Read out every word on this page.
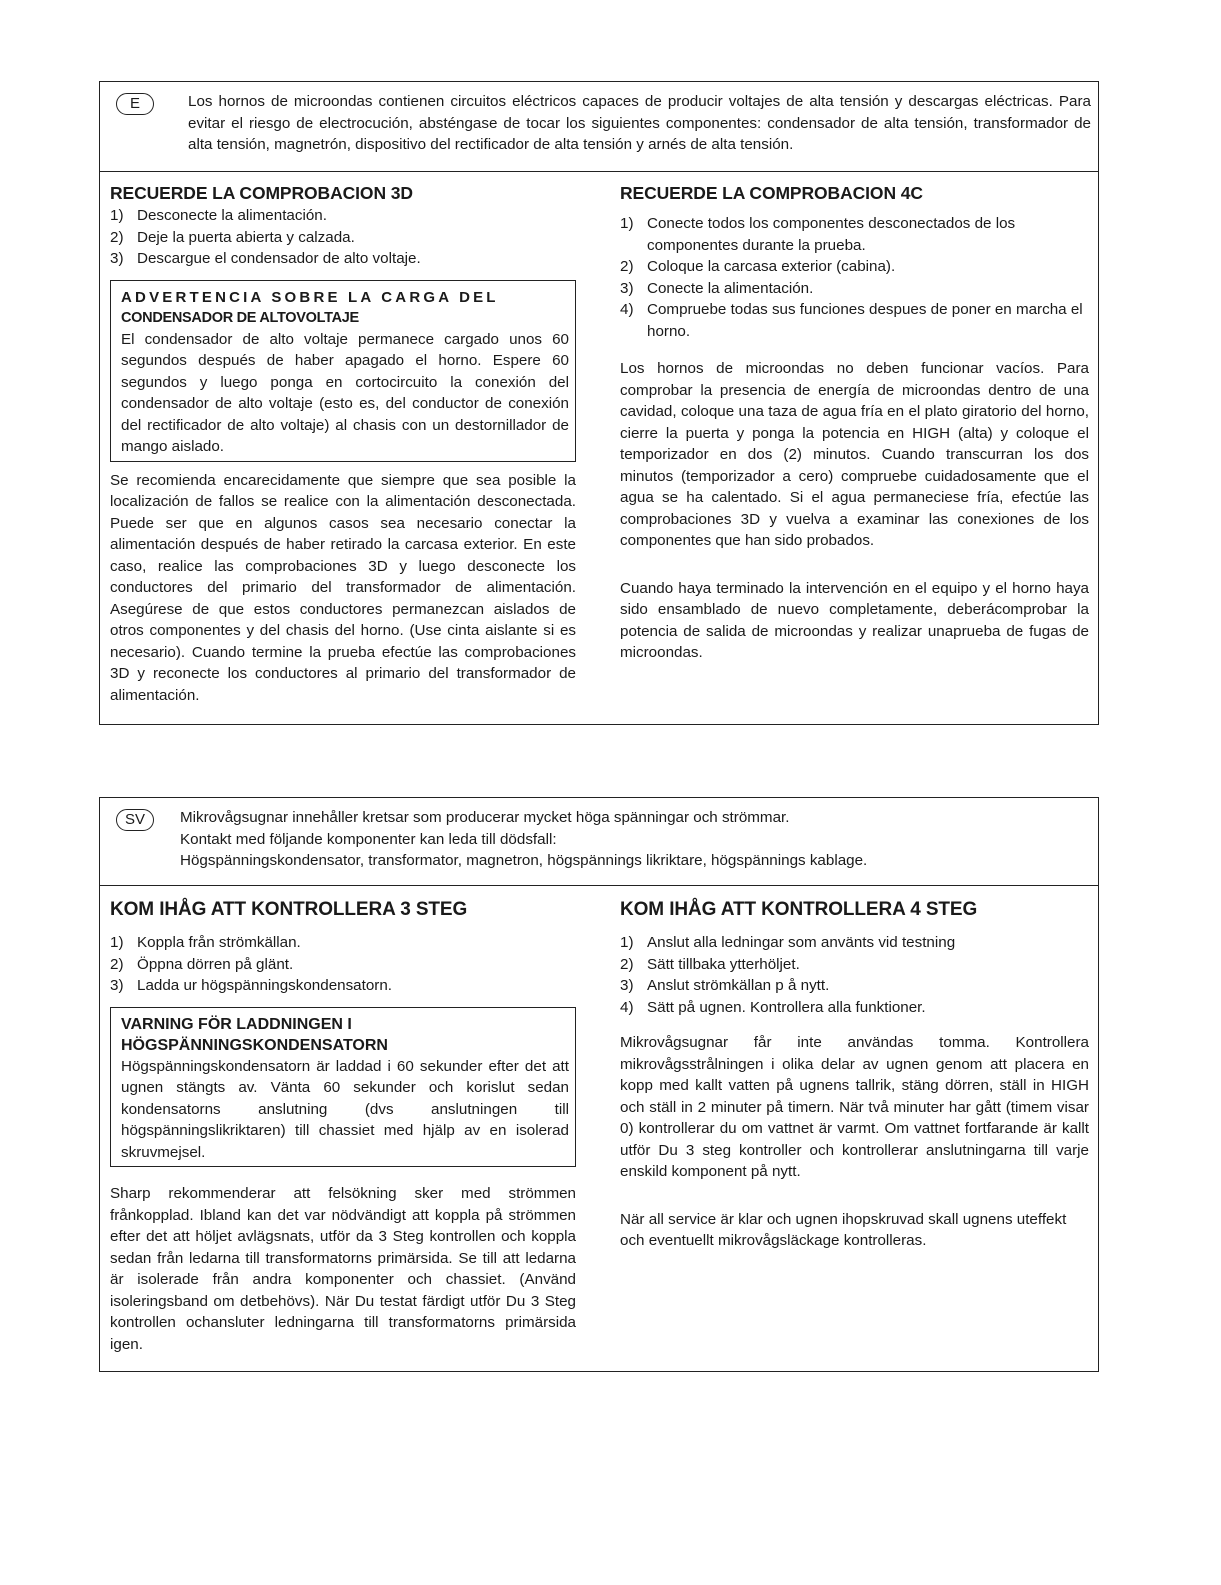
E	Los hornos de microondas contienen circuitos eléctricos capaces de producir voltajes de alta tensión y descargas eléctricas. Para evitar el riesgo de electrocución, absténgase de tocar los siguientes componentes: condensador de alta tensión, transformador de alta tensión, magnetrón, dispositivo del rectificador de alta tensión y arnés de alta tensión.

RECUERDE LA COMPROBACION 3D
1) Desconecte la alimentación.
2) Deje la puerta abierta y calzada.
3) Descargue el condensador de alto voltaje.
ADVERTENCIA SOBRE LA CARGA DEL
CONDENSADOR DE ALTOVOLTAJE

El condensador de alto voltaje permanece cargado unos 60 segundos después de haber apagado el horno. Espere 60 segundos y luego ponga en cortocircuito la conexión del condensador de alto voltaje (esto es, del conductor de conexión del rectificador de alto voltaje) al chasis con un destornillador de mango aislado.

Se recomienda encarecidamente que siempre que sea posible la localización de fallos se realice con la alimentación desconectada. Puede ser que en algunos casos sea necesario conectar la alimentación después de haber retirado la carcasa exterior. En este caso, realice las comprobaciones 3D y luego desconecte los conductores del primario del transformador de alimentación. Asegúrese de que estos conductores permanezcan aislados de otros componentes y del chasis del horno. (Use cinta aislante si es necesario). Cuando termine la prueba efectúe las comprobaciones 3D y reconecte los conductores al primario del transformador de alimentación.

RECUERDE LA COMPROBACION 4C
1) Conecte todos los componentes desconectados de los componentes durante la prueba.
2) Coloque la carcasa exterior (cabina).
3) Conecte la alimentación.
4) Compruebe todas sus funciones despues de poner en marcha el horno.

Los hornos de microondas no deben funcionar vacíos. Para comprobar la presencia de energía de microondas dentro de una cavidad, coloque una taza de agua fría en el plato giratorio del horno, cierre la puerta y ponga la potencia en HIGH (alta) y coloque el temporizador en dos (2) minutos. Cuando transcurran los dos minutos (temporizador a cero) compruebe cuidadosamente que el agua se ha calentado. Si el agua permaneciese fría, efectúe las comprobaciones 3D y vuelva a examinar las conexiones de los componentes que han sido probados.

Cuando haya terminado la intervención en el equipo y el horno haya sido ensamblado de nuevo completamente, deberácomprobar la potencia de salida de microondas y realizar unaprueba de fugas de microondas.

SV	Mikrovågsugnar innehåller kretsar som producerar mycket höga spänningar och strömmar.
Kontakt med följande komponenter kan leda till dödsfall:
Högspänningskondensator, transformator, magnetron, högspännings likriktare, högspännings kablage.

KOM IHÅG ATT KONTROLLERA 3 STEG
1) Koppla från strömkällan.
2) Öppna dörren på glänt.
3) Ladda ur högspänningskondensatorn.
VARNING FÖR LADDNINGEN I
HÖGSPÄNNINGSKONDENSATORN

Högspänningskondensatorn är laddad i 60 sekunder efter det att ugnen stängts av. Vänta 60 sekunder och korislut sedan kondensatorns anslutning (dvs anslutningen till högspänningslikriktaren) till chassiet med hjälp av en isolerad skruvmejsel.

Sharp rekommenderar att felsökning sker med strömmen frånkopplad. Ibland kan det var nödvändigt att koppla på strömmen efter det att höljet avlägsnats, utför da 3 Steg kontrollen och koppla sedan från ledarna till transformatorns primärsida. Se till att ledarna är isolerade från andra komponenter och chassiet. (Använd isoleringsband om detbehövs). När Du testat färdigt utför Du 3 Steg kontrollen ochansluter ledningarna till transformatorns primärsida igen.

KOM IHÅG ATT KONTROLLERA 4 STEG
1) Anslut alla ledningar som använts vid testning
2) Sätt tillbaka ytterhöljet.
3) Anslut strömkällan p å nytt.
4) Sätt på ugnen. Kontrollera alla funktioner.

Mikrovågsugnar får inte användas tomma. Kontrollera mikrovågsstrålningen i olika delar av ugnen genom att placera en kopp med kallt vatten på ugnens tallrik, stäng dörren, ställ in HIGH och ställ in 2 minuter på timern. När två minuter har gått (timem visar 0) kontrollerar du om vattnet är varmt. Om vattnet fortfarande är kallt utför Du 3 steg kontroller och kontrollerar anslutningarna till varje enskild komponent på nytt.

När all service är klar och ugnen ihopskruvad skall ugnens uteffekt och eventuellt mikrovågsläckage kontrolleras.
